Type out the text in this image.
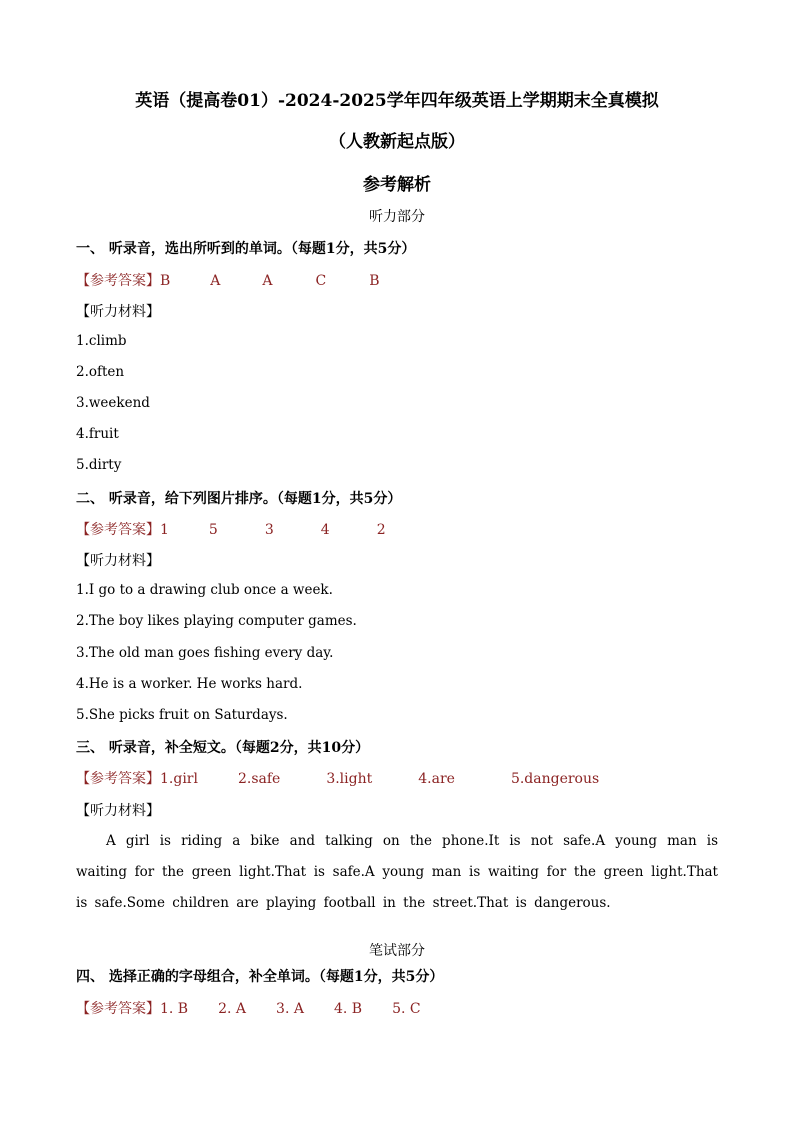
英语（提高卷01）-2024-2025学年四年级英语上学期期末全真模拟
（人教新起点版）
参考解析
听力部分
一、 听录音，选出所听到的单词。（每题1分，共5分）
【参考答案】B	A	A	C	B
【听力材料】
1.climb
2.often
3.weekend
4.fruit
5.dirty
二、 听录音，给下列图片排序。（每题1分，共5分）
【参考答案】1	5	3	4	2
【听力材料】
1.I go to a drawing club once a week.
2.The boy likes playing computer games.
3.The old man goes fishing every day.
4.He is a worker. He works hard.
5.She picks fruit on Saturdays.
三、 听录音，补全短文。（每题2分，共10分）
【参考答案】1.girl	2.safe	3.light	4.are	5.dangerous
【听力材料】
A girl is riding a bike and talking on the phone.It is not safe.A young man is waiting for the green light.That is safe.A young man is waiting for the green light.That is safe.Some children are playing football in the street.That is dangerous.
笔试部分
四、 选择正确的字母组合，补全单词。（每题1分，共5分）
【参考答案】1. B 2. A 3. A 4. B 5. C
